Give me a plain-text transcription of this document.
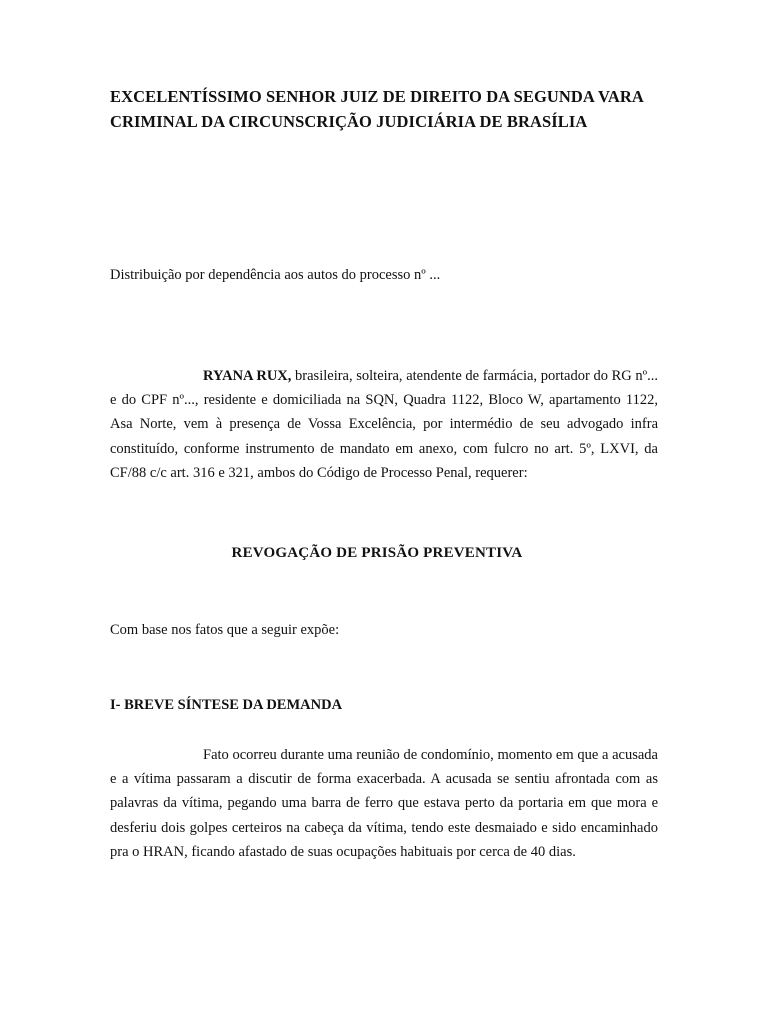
EXCELENTÍSSIMO SENHOR JUIZ DE DIREITO DA SEGUNDA VARA
CRIMINAL DA CIRCUNSCRIÇÃO JUDICIÁRIA DE BRASÍLIA
Distribuição por dependência aos autos do processo nº ...

RYANA RUX, brasileira, solteira, atendente de farmácia, portador do RG nº... e do CPF nº..., residente e domiciliada na SQN, Quadra 1122, Bloco W, apartamento 1122, Asa Norte, vem à presença de Vossa Excelência, por intermédio de seu advogado infra constituído, conforme instrumento de mandato em anexo, com fulcro no art. 5º, LXVI, da CF/88 c/c art. 316 e 321, ambos do Código de Processo Penal, requerer:

REVOGAÇÃO DE PRISÃO PREVENTIVA
Com base nos fatos que a seguir expõe:
I- BREVE SÍNTESE DA DEMANDA

Fato ocorreu durante uma reunião de condomínio, momento em que a acusada e a vítima passaram a discutir de forma exacerbada. A acusada se sentiu afrontada com as palavras da vítima, pegando uma barra de ferro que estava perto da portaria em que mora e desferiu dois golpes certeiros na cabeça da vítima, tendo este desmaiado e sido encaminhado pra o HRAN, ficando afastado de suas ocupações habituais por cerca de 40 dias.
